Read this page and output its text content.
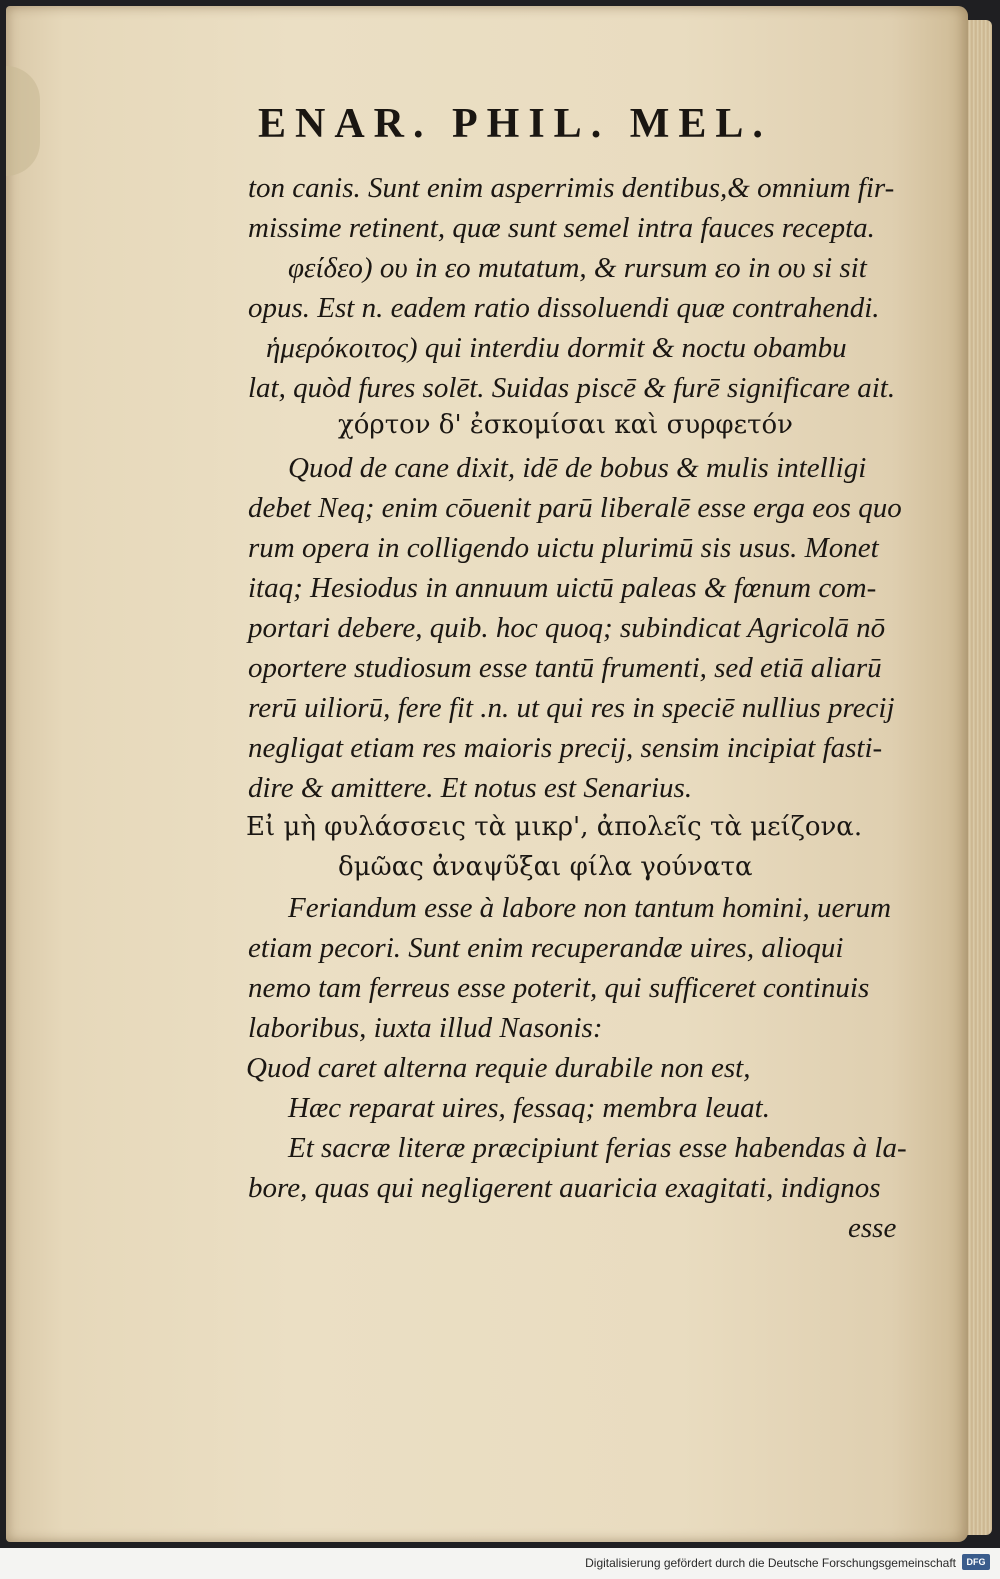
ENAR. PHIL. MEL.
ton canis. Sunt enim asperrimis dentibus,& omnium fir-
missime retinent, quæ sunt semel intra fauces recepta.
φείδεο) ου in εο mutatum, & rursum εο in ου si sit
opus. Est n. eadem ratio dissoluendi quæ contrahendi.
ἡμερόκοιτος) qui interdiu dormit & noctu obambu
lat, quòd fures solēt. Suidas piscē & furē significare ait.
χόρτον δ' ἐσκομίσαι καὶ συρφετόν
Quod de cane dixit, idē de bobus & mulis intelligi
debet Neq; enim cōuenit parū liberalē esse erga eos quo
rum opera in colligendo uictu plurimū sis usus. Monet
itaq; Hesiodus in annuum uictū paleas & fœnum com-
portari debere, quib. hoc quoq; subindicat Agricolā nō
oportere studiosum esse tantū frumenti, sed etiā aliarū
rerū uiliorū, fere fit .n. ut qui res in speciē nullius precij
negligat etiam res maioris precij, sensim incipiat fasti-
dire & amittere. Et notus est Senarius.
Εἰ μὴ φυλάσσεις τὰ μικρ', ἀπολεῖς τὰ μείζονα.
δμῶας ἀναψῦξαι φίλα γούνατα
Feriandum esse à labore non tantum homini, uerum
etiam pecori. Sunt enim recuperandæ uires, alioqui
nemo tam ferreus esse poterit, qui sufficeret continuis
laboribus, iuxta illud Nasonis:
Quod caret alterna requie durabile non est,
Hæc reparat uires, fessaq; membra leuat.
Et sacræ literæ præcipiunt ferias esse habendas à la-
bore, quas qui negligerent auaricia exagitati, indignos
esse
Digitalisierung gefördert durch die Deutsche Forschungsgemeinschaft	DFG
